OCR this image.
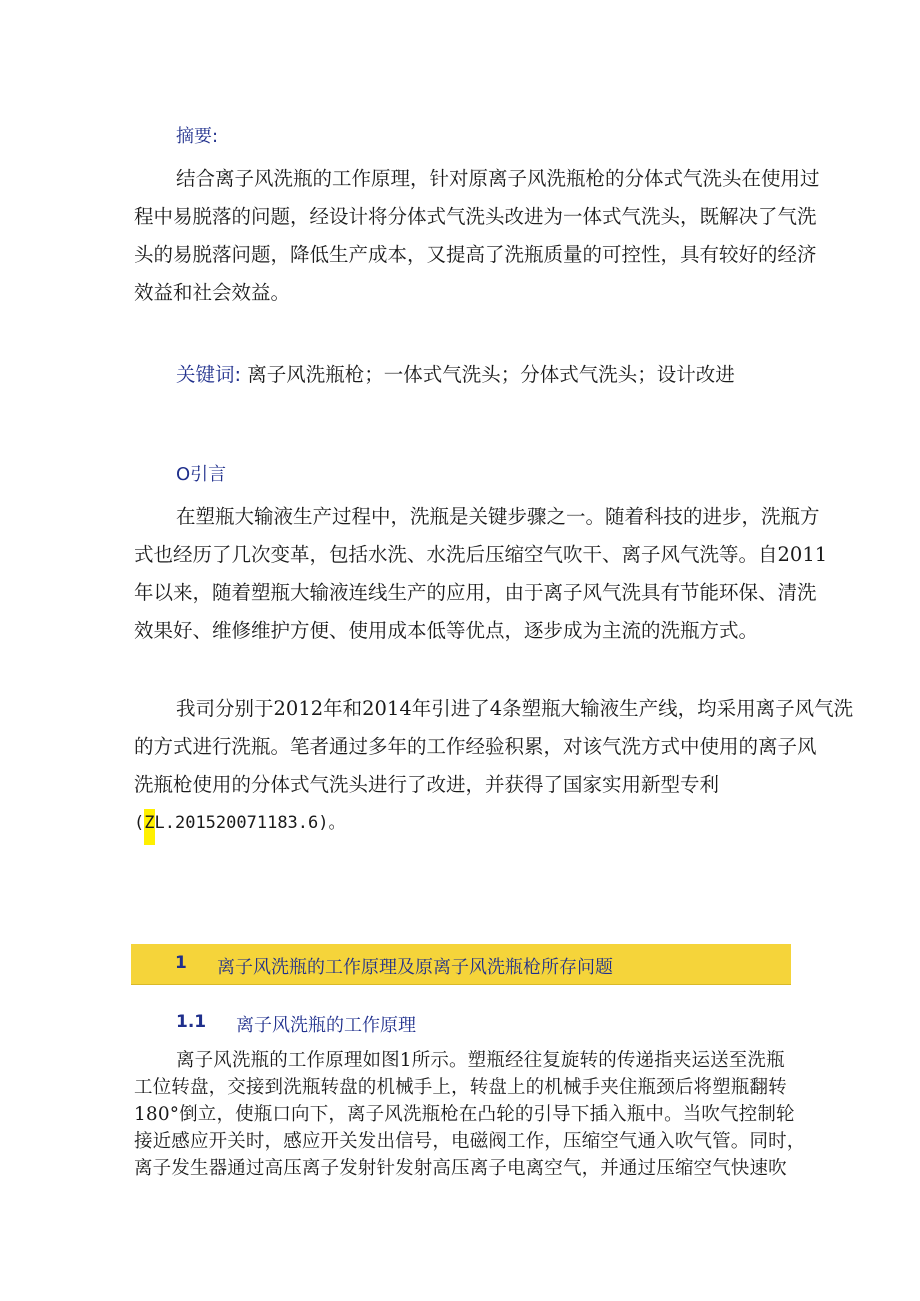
摘要:
结合离子风洗瓶的工作原理，针对原离子风洗瓶枪的分体式气洗头在使用过
程中易脱落的问题，经设计将分体式气洗头改进为一体式气洗头，既解决了气洗
头的易脱落问题，降低生产成本，又提高了洗瓶质量的可控性，具有较好的经济
效益和社会效益。
关键词: 离子风洗瓶枪；一体式气洗头；分体式气洗头；设计改进
O引言
在塑瓶大输液生产过程中，洗瓶是关键步骤之一。随着科技的进步，洗瓶方
式也经历了几次变革，包括水洗、水洗后压缩空气吹干、离子风气洗等。自2011
年以来，随着塑瓶大输液连线生产的应用，由于离子风气洗具有节能环保、清洗
效果好、维修维护方便、使用成本低等优点，逐步成为主流的洗瓶方式。
我司分别于2012年和2014年引进了4条塑瓶大输液生产线，均采用离子风气洗
的方式进行洗瓶。笔者通过多年的工作经验积累，对该气洗方式中使用的离子风
洗瓶枪使用的分体式气洗头进行了改进，并获得了国家实用新型专利
(ZL.201520071183.6)。
1 离子风洗瓶的工作原理及原离子风洗瓶枪所存问题
1.1 离子风洗瓶的工作原理
离子风洗瓶的工作原理如图1所示。塑瓶经往复旋转的传递指夹运送至洗瓶
工位转盘，交接到洗瓶转盘的机械手上，转盘上的机械手夹住瓶颈后将塑瓶翻转
180°倒立，使瓶口向下，离子风洗瓶枪在凸轮的引导下插入瓶中。当吹气控制轮
接近感应开关时，感应开关发出信号，电磁阀工作，压缩空气通入吹气管。同时，
离子发生器通过高压离子发射针发射高压离子电离空气，并通过压缩空气快速吹
